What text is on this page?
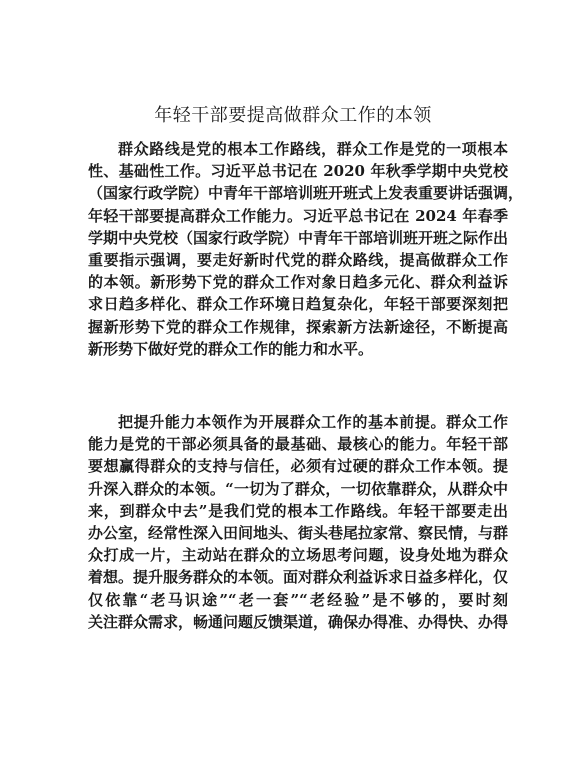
年轻干部要提高做群众工作的本领
群众路线是党的根本工作路线，群众工作是党的一项根本
性、基础性工作。习近平总书记在 2020 年秋季学期中央党校
（国家行政学院）中青年干部培训班开班式上发表重要讲话强调，
年轻干部要提高群众工作能力。习近平总书记在 2024 年春季
学期中央党校（国家行政学院）中青年干部培训班开班之际作出
重要指示强调，要走好新时代党的群众路线，提高做群众工作
的本领。新形势下党的群众工作对象日趋多元化、群众利益诉
求日趋多样化、群众工作环境日趋复杂化，年轻干部要深刻把
握新形势下党的群众工作规律，探索新方法新途径，不断提高
新形势下做好党的群众工作的能力和水平。
把提升能力本领作为开展群众工作的基本前提。群众工作
能力是党的干部必须具备的最基础、最核心的能力。年轻干部
要想赢得群众的支持与信任，必须有过硬的群众工作本领。提
升深入群众的本领。“一切为了群众，一切依靠群众，从群众中
来，到群众中去”是我们党的根本工作路线。年轻干部要走出
办公室，经常性深入田间地头、街头巷尾拉家常、察民情，与群
众打成一片，主动站在群众的立场思考问题，设身处地为群众
着想。提升服务群众的本领。面对群众利益诉求日益多样化，仅
仅依靠“老马识途”“老一套”“老经验”是不够的，要时刻
关注群众需求，畅通问题反馈渠道，确保办得准、办得快、办得
